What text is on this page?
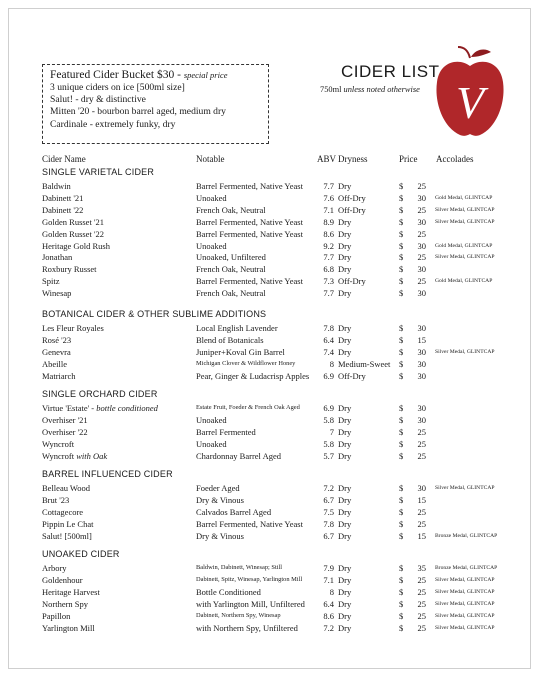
Featured Cider Bucket $30 - special price
3 unique ciders on ice [500ml size]
Salut! - dry & distinctive
Mitten '20 - bourbon barrel aged, medium dry
Cardinale - extremely funky, dry
CIDER LIST
750ml unless noted otherwise V
Cider Name	Notable	ABV Dryness	Price Accolades
SINGLE VARIETAL CIDER
Baldwin	Barrel Fermented, Native Yeast	7.7 Dry	$	25
Dabinett '21	Unoaked	7.6 Off-Dry	$	30 Gold Medal, GLINTCAP
Dabinett '22	French Oak, Neutral	7.1 Off-Dry	$	25 Silver Medal, GLINTCAP
Golden Russet '21	Barrel Fermented, Native Yeast	8.9 Dry	$	30 Silver Medal, GLINTCAP
Golden Russet '22	Barrel Fermented, Native Yeast	8.6 Dry	$	25
Heritage Gold Rush	Unoaked	9.2 Dry	$	30 Gold Medal, GLINTCAP
Jonathan	Unoaked, Unfiltered	7.7 Dry	$	25 Silver Medal, GLINTCAP
Roxbury Russet	French Oak, Neutral	6.8 Dry	$	30
Spitz	Barrel Fermented, Native Yeast	7.3 Off-Dry	$	25 Gold Medal, GLINTCAP
Winesap	French Oak, Neutral	7.7 Dry	$	30
BOTANICAL CIDER & OTHER SUBLIME ADDITIONS
Les Fleur Royales	Local English Lavender	7.8 Dry	$	30
Rosé '23	Blend of Botanicals	6.4 Dry	$	15
Genevra	Juniper+Koval Gin Barrel	7.4 Dry	$	30 Silver Medal, GLINTCAP
Abeille	Michigan Clover & Wildflower Honey	8 Medium-Sweet $	30
Matriarch	Pear, Ginger & Ludacrisp Apples	6.9 Off-Dry	$	30
SINGLE ORCHARD CIDER
Virtue 'Estate' - bottle conditioned	Estate Fruit, Foeder & French Oak Aged	6.9 Dry	$	30
Overhiser '21	Unoaked	5.8 Dry	$	30
Overhiser '22	Barrel Fermented	7 Dry	$	25
Wyncroft	Unoaked	5.8 Dry	$	25
Wyncroft with Oak	Chardonnay Barrel Aged	5.7 Dry	$	25
BARREL INFLUENCED CIDER
Belleau Wood	Foeder Aged	7.2 Dry	$	30 Silver Medal, GLINTCAP
Brut '23	Dry & Vinous	6.7 Dry	$	15
Cottagecore	Calvados Barrel Aged	7.5 Dry	$	25
Pippin Le Chat	Barrel Fermented, Native Yeast	7.8 Dry	$	25
Salut! [500ml]	Dry & Vinous	6.7 Dry	$	15 Bronze Medal, GLINTCAP
UNOAKED CIDER
Arbory	Baldwin, Dabinett, Winesap; Still	7.9 Dry	$	35 Bronze Medal, GLINTCAP
Goldenhour	Dabinett, Spitz, Winesap, Yarlington Mill	7.1 Dry	$	25 Silver Medal, GLINTCAP
Heritage Harvest	Bottle Conditioned	8 Dry	$	25 Silver Medal, GLINTCAP
Northern Spy	with Yarlington Mill, Unfiltered	6.4 Dry	$	25 Silver Medal, GLINTCAP
Papillon	Dabinett, Northern Spy, Winesap	8.6 Dry	$	25 Silver Medal, GLINTCAP
Yarlington Mill	with Northern Spy, Unfiltered	7.2 Dry	$	25 Silver Medal, GLINTCAP
